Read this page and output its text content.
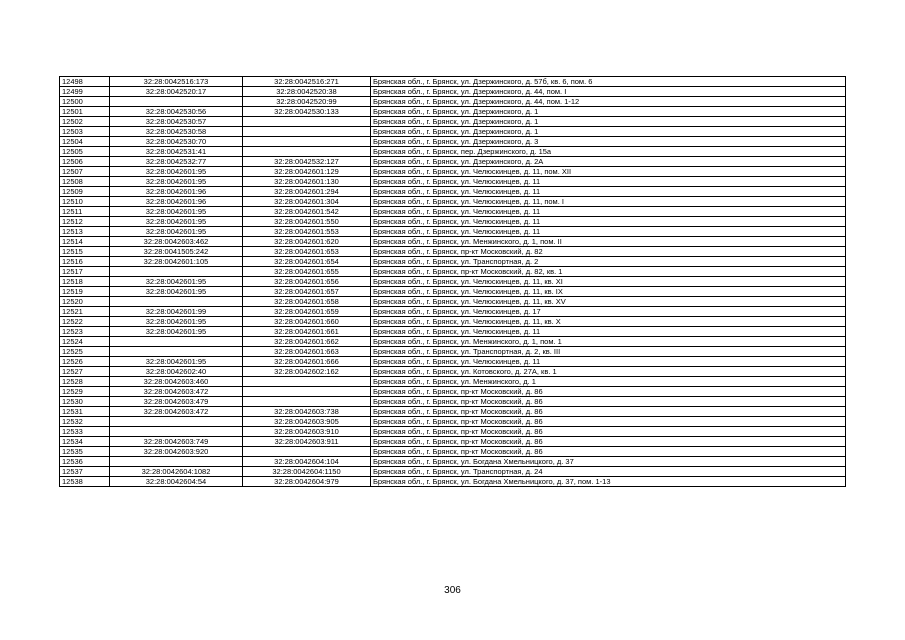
12498	32:28:0042516:173	32:28:0042516:271	Брянская обл., г. Брянск, ул. Дзержинского, д. 57б, кв. 6, пом. 6
12499	32:28:0042520:17	32:28:0042520:38	Брянская обл., г. Брянск, ул. Дзержинского, д. 44, пом. I
12500		32:28:0042520:99	Брянская обл., г. Брянск, ул. Дзержинского, д. 44, пом. 1-12
12501	32:28:0042530:56	32:28:0042530:133	Брянская обл., г. Брянск, ул. Дзержинского, д. 1
12502	32:28:0042530:57		Брянская обл., г. Брянск, ул. Дзержинского, д. 1
12503	32:28:0042530:58		Брянская обл., г. Брянск, ул. Дзержинского, д. 1
12504	32:28:0042530:70		Брянская обл., г. Брянск, ул. Дзержинского, д. 3
12505	32:28:0042531:41		Брянская обл., г. Брянск, пер. Дзержинского, д. 15а
12506	32:28:0042532:77	32:28:0042532:127	Брянская обл., г. Брянск, ул. Дзержинского, д. 2А
12507	32:28:0042601:95	32:28:0042601:129	Брянская обл., г. Брянск, ул. Челюскинцев, д. 11, пом. XII
12508	32:28:0042601:95	32:28:0042601:130	Брянская обл., г. Брянск, ул. Челюскинцев, д. 11
12509	32:28:0042601:96	32:28:0042601:294	Брянская обл., г. Брянск, ул. Челюскинцев, д. 11
12510	32:28:0042601:96	32:28:0042601:304	Брянская обл., г. Брянск, ул. Челюскинцев, д. 11, пом. I
12511	32:28:0042601:95	32:28:0042601:542	Брянская обл., г. Брянск, ул. Челюскинцев, д. 11
12512	32:28:0042601:95	32:28:0042601:550	Брянская обл., г. Брянск, ул. Челюскинцев, д. 11
12513	32:28:0042601:95	32:28:0042601:553	Брянская обл., г. Брянск, ул. Челюскинцев, д. 11
12514	32:28:0042603:462	32:28:0042601:620	Брянская обл., г. Брянск, ул. Менжинского, д. 1, пом. II
12515	32:28:0041505:242	32:28:0042601:653	Брянская обл., г. Брянск, пр-кт Московский, д. 82
12516	32:28:0042601:105	32:28:0042601:654	Брянская обл., г. Брянск, ул. Транспортная, д. 2
12517		32:28:0042601:655	Брянская обл., г. Брянск, пр-кт Московский, д. 82, кв. 1
12518	32:28:0042601:95	32:28:0042601:656	Брянская обл., г. Брянск, ул. Челюскинцев, д. 11, кв. XI
12519	32:28:0042601:95	32:28:0042601:657	Брянская обл., г. Брянск, ул. Челюскинцев, д. 11, кв. IX
12520		32:28:0042601:658	Брянская обл., г. Брянск, ул. Челюскинцев, д. 11, кв. XV
12521	32:28:0042601:99	32:28:0042601:659	Брянская обл., г. Брянск, ул. Челюскинцев, д. 17
12522	32:28:0042601:95	32:28:0042601:660	Брянская обл., г. Брянск, ул. Челюскинцев, д. 11, кв. X
12523	32:28:0042601:95	32:28:0042601:661	Брянская обл., г. Брянск, ул. Челюскинцев, д. 11
12524		32:28:0042601:662	Брянская обл., г. Брянск, ул. Менжинского, д. 1, пом. 1
12525		32:28:0042601:663	Брянская обл., г. Брянск, ул. Транспортная, д. 2, кв. III
12526	32:28:0042601:95	32:28:0042601:666	Брянская обл., г. Брянск, ул. Челюскинцев, д. 11
12527	32:28:0042602:40	32:28:0042602:162	Брянская обл., г. Брянск, ул. Котовского, д. 27А, кв. 1
12528	32:28:0042603:460		Брянская обл., г. Брянск, ул. Менжинского, д. 1
12529	32:28:0042603:472		Брянская обл., г. Брянск, пр-кт Московский, д. 86
12530	32:28:0042603:479		Брянская обл., г. Брянск, пр-кт Московский, д. 86
12531	32:28:0042603:472	32:28:0042603:738	Брянская обл., г. Брянск, пр-кт Московский, д. 86
12532		32:28:0042603:905	Брянская обл., г. Брянск, пр-кт Московский, д. 86
12533		32:28:0042603:910	Брянская обл., г. Брянск, пр-кт Московский, д. 86
12534	32:28:0042603:749	32:28:0042603:911	Брянская обл., г. Брянск, пр-кт Московский, д. 86
12535	32:28:0042603:920		Брянская обл., г. Брянск, пр-кт Московский, д. 86
12536		32:28:0042604:104	Брянская обл., г. Брянск, ул. Богдана Хмельницкого, д. 37
12537	32:28:0042604:1082	32:28:0042604:1150	Брянская обл., г. Брянск, ул. Транспортная, д. 24
12538	32:28:0042604:54	32:28:0042604:979	Брянская обл., г. Брянск, ул. Богдана Хмельницкого, д. 37, пом. 1-13
306
